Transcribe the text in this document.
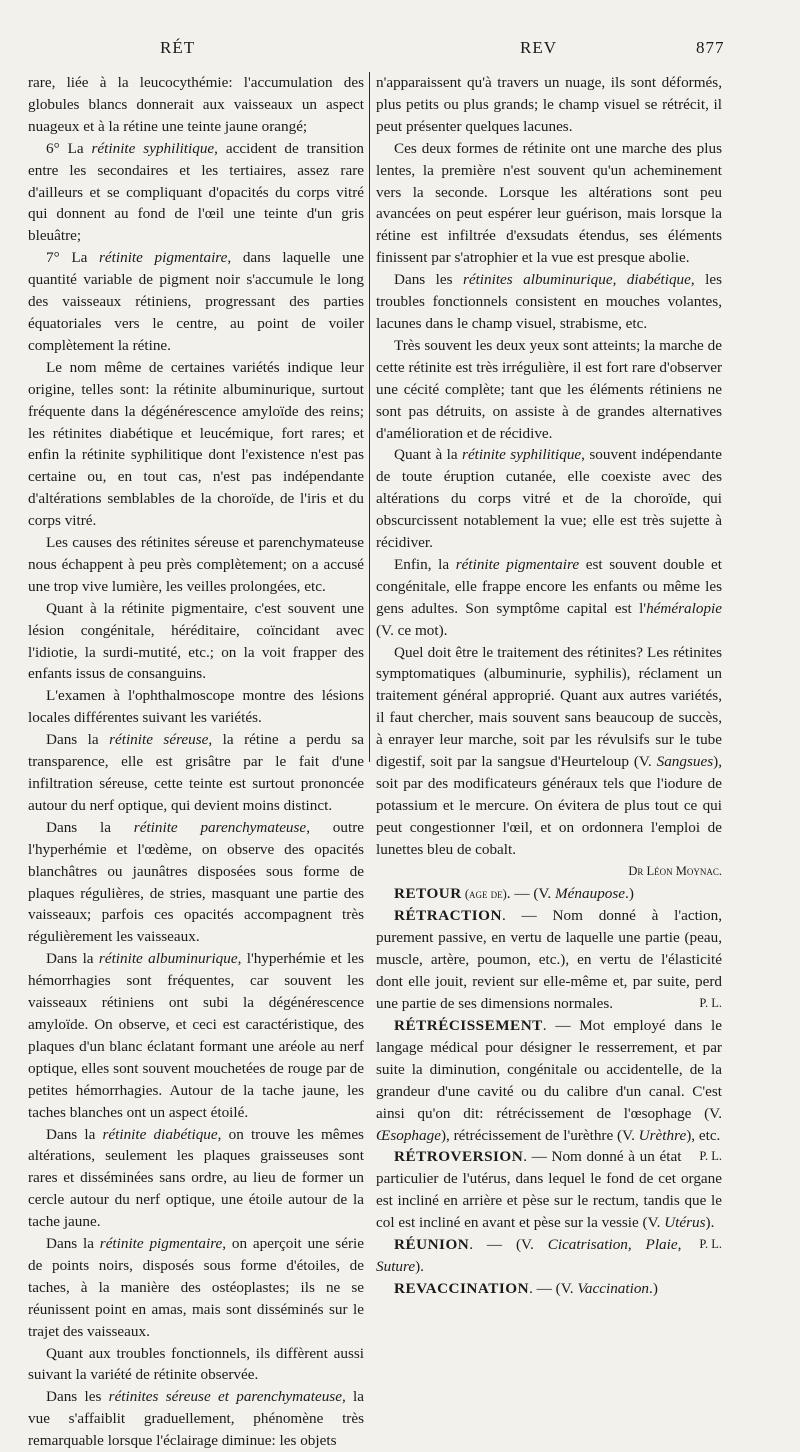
RÉT	REV	877

rare, liée à la leucocythémie: l'accumulation des globules blancs donnerait aux vaisseaux un aspect nuageux et à la rétine une teinte jaune orangé;

6° La rétinite syphilitique, accident de transition entre les secondaires et les tertiaires, assez rare d'ailleurs et se compliquant d'opacités du corps vitré qui donnent au fond de l'œil une teinte d'un gris bleuâtre;

7° La rétinite pigmentaire, dans laquelle une quantité variable de pigment noir s'accumule le long des vaisseaux rétiniens, progressant des parties équatoriales vers le centre, au point de voiler complètement la rétine.

Le nom même de certaines variétés indique leur origine, telles sont: la rétinite albuminurique, surtout fréquente dans la dégénérescence amyloïde des reins; les rétinites diabétique et leucémique, fort rares; et enfin la rétinite syphilitique dont l'existence n'est pas certaine ou, en tout cas, n'est pas indépendante d'altérations semblables de la choroïde, de l'iris et du corps vitré.

Les causes des rétinites séreuse et parenchymateuse nous échappent à peu près complètement; on a accusé une trop vive lumière, les veilles prolongées, etc.

Quant à la rétinite pigmentaire, c'est souvent une lésion congénitale, héréditaire, coïncidant avec l'idiotie, la surdi-mutité, etc.; on la voit frapper des enfants issus de consanguins.

L'examen à l'ophthalmoscope montre des lésions locales différentes suivant les variétés.

Dans la rétinite séreuse, la rétine a perdu sa transparence, elle est grisâtre par le fait d'une infiltration séreuse, cette teinte est surtout prononcée autour du nerf optique, qui devient moins distinct.

Dans la rétinite parenchymateuse, outre l'hyperhémie et l'œdème, on observe des opacités blanchâtres ou jaunâtres disposées sous forme de plaques régulières, de stries, masquant une partie des vaisseaux; parfois ces opacités accompagnent très régulièrement les vaisseaux.

Dans la rétinite albuminurique, l'hyperhémie et les hémorrhagies sont fréquentes, car souvent les vaisseaux rétiniens ont subi la dégénérescence amyloïde. On observe, et ceci est caractéristique, des plaques d'un blanc éclatant formant une aréole au nerf optique, elles sont souvent mouchetées de rouge par de petites hémorrhagies. Autour de la tache jaune, les taches blanches ont un aspect étoilé.

Dans la rétinite diabétique, on trouve les mêmes altérations, seulement les plaques graisseuses sont rares et disséminées sans ordre, au lieu de former un cercle autour du nerf optique, une étoile autour de la tache jaune.

Dans la rétinite pigmentaire, on aperçoit une série de points noirs, disposés sous forme d'étoiles, de taches, à la manière des ostéoplastes; ils ne se réunissent point en amas, mais sont disséminés sur le trajet des vaisseaux.

Quant aux troubles fonctionnels, ils diffèrent aussi suivant la variété de rétinite observée.

Dans les rétinites séreuse et parenchymateuse, la vue s'affaiblit graduellement, phénomène très remarquable lorsque l'éclairage diminue: les objets

n'apparaissent qu'à travers un nuage, ils sont déformés, plus petits ou plus grands; le champ visuel se rétrécit, il peut présenter quelques lacunes.

Ces deux formes de rétinite ont une marche des plus lentes, la première n'est souvent qu'un acheminement vers la seconde. Lorsque les altérations sont peu avancées on peut espérer leur guérison, mais lorsque la rétine est infiltrée d'exsudats étendus, ses éléments finissent par s'atrophier et la vue est presque abolie.

Dans les rétinites albuminurique, diabétique, les troubles fonctionnels consistent en mouches volantes, lacunes dans le champ visuel, strabisme, etc.

Très souvent les deux yeux sont atteints; la marche de cette rétinite est très irrégulière, il est fort rare d'observer une cécité complète; tant que les éléments rétiniens ne sont pas détruits, on assiste à de grandes alternatives d'amélioration et de récidive.

Quant à la rétinite syphilitique, souvent indépendante de toute éruption cutanée, elle coexiste avec des altérations du corps vitré et de la choroïde, qui obscurcissent notablement la vue; elle est très sujette à récidiver.

Enfin, la rétinite pigmentaire est souvent double et congénitale, elle frappe encore les enfants ou même les gens adultes. Son symptôme capital est l'héméralopie (V. ce mot).

Quel doit être le traitement des rétinites? Les rétinites symptomatiques (albuminurie, syphilis), réclament un traitement général approprié. Quant aux autres variétés, il faut chercher, mais souvent sans beaucoup de succès, à enrayer leur marche, soit par les révulsifs sur le tube digestif, soit par la sangsue d'Heurteloup (V. Sangsues), soit par des modificateurs généraux tels que l'iodure de potassium et le mercure. On évitera de plus tout ce qui peut congestionner l'œil, et on ordonnera l'emploi de lunettes bleu de cobalt.

Dr Léon Moynac.

RETOUR (age de). — (V. Ménaupose.)

RÉTRACTION. — Nom donné à l'action, purement passive, en vertu de laquelle une partie (peau, muscle, artère, poumon, etc.), en vertu de l'élasticité dont elle jouit, revient sur elle-même et, par suite, perd une partie de ses dimensions normales.	P. L.

RÉTRÉCISSEMENT. — Mot employé dans le langage médical pour désigner le resserrement, et par suite la diminution, congénitale ou accidentelle, de la grandeur d'une cavité ou du calibre d'un canal. C'est ainsi qu'on dit: rétrécissement de l'œsophage (V. Œsophage), rétrécissement de l'urèthre (V. Urèthre), etc.
P. L.

RÉTROVERSION. — Nom donné à un état particulier de l'utérus, dans lequel le fond de cet organe est incliné en arrière et pèse sur le rectum, tandis que le col est incliné en avant et pèse sur la vessie (V. Utérus).
P. L.

RÉUNION. — (V. Cicatrisation, Plaie, Suture).

REVACCINATION. — (V. Vaccination.)
